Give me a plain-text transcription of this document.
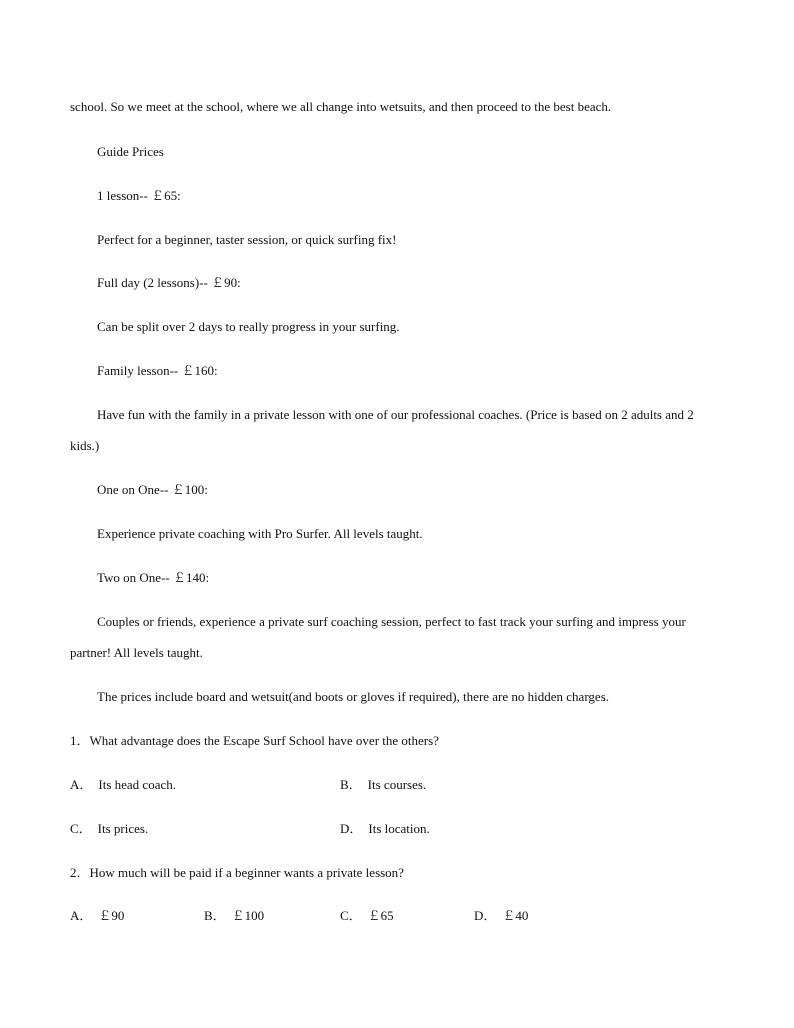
school. So we meet at the school, where we all change into wetsuits, and then proceed to the best beach.
Guide Prices
1 lesson-- ￡65:
Perfect for a beginner, taster session, or quick surfing fix!
Full day (2 lessons)-- ￡90:
Can be split over 2 days to really progress in your surfing.
Family lesson-- ￡160:
Have fun with the family in a private lesson with one of our professional coaches. (Price is based on 2 adults and 2
kids.)
One on One-- ￡100:
Experience private coaching with Pro Surfer. All levels taught.
Two on One-- ￡140:
Couples or friends, experience a private surf coaching session, perfect to fast track your surfing and impress your
partner! All levels taught.
The prices include board and wetsuit(and boots or gloves if required), there are no hidden charges.
1．What advantage does the Escape Surf School have over the others?
A． Its head coach.	B． Its courses.
C． Its prices.	D． Its location.
2．How much will be paid if a beginner wants a private lesson?
A． ￡90	B． ￡100	C． ￡65	D． ￡40
